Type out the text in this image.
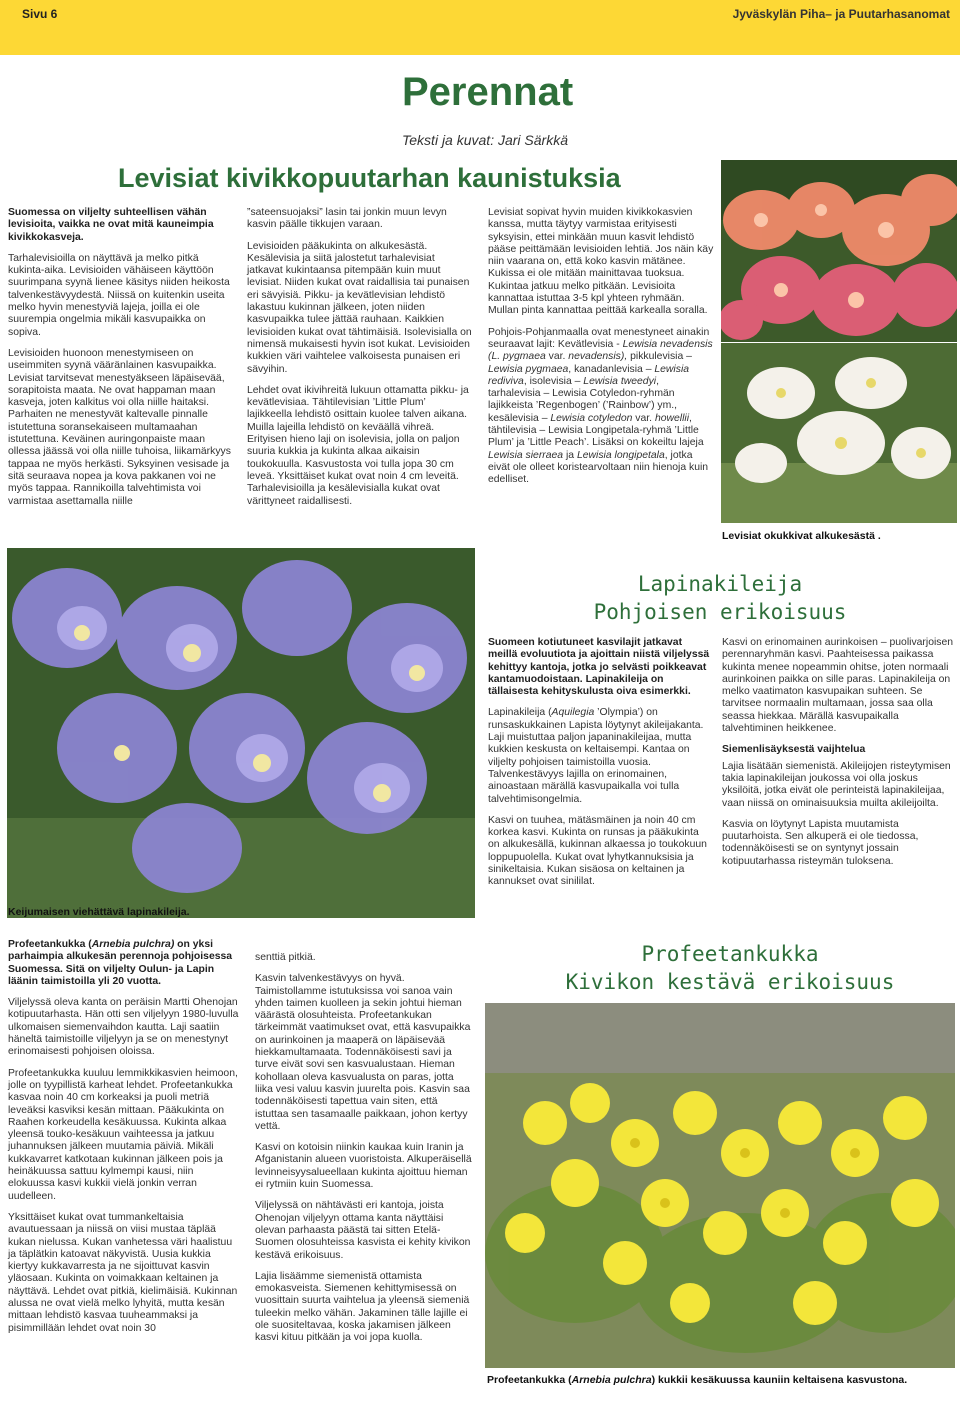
Sivu 6	Jyväskylän Piha– ja Puutarhasanomat
Perennat
Teksti ja kuvat: Jari Särkkä
Levisiat kivikkopuutarhan kaunistuksia

Suomessa on viljelty suhteellisen vähän levisioita, vaikka ne ovat mitä kauneimpia kivikkokasveja.

Tarhalevisioilla on näyttävä ja melko pitkä kukinta-aika. Levisioiden vähäiseen käyttöön suurimpana syynä lienee käsitys niiden heikosta talvenkestävyydestä. Niissä on kuitenkin useita melko hyvin menestyviä lajeja, joilla ei ole suurempia ongelmia mikäli kasvupaikka on sopiva.

Levisioiden huonoon menestymiseen on useimmiten syynä vääränlainen kasvupaikka. Levisiat tarvitsevat menestyäkseen läpäisevää, sorapitoista maata. Ne ovat happaman maan kasveja, joten kalkitus voi olla niille haitaksi. Parhaiten ne menestyvät kaltevalle pinnalle istutettuna soransekaiseen multamaahan istutettuna. Keväinen auringonpaiste maan ollessa jäässä voi olla niille tuhoisa, liikamärkyys tappaa ne myös herkästi. Syksyinen vesisade ja sitä seuraava nopea ja kova pakkanen voi ne myös tappaa. Rannikoilla talvehtimista voi varmistaa asettamalla niille

”sateensuojaksi” lasin tai jonkin muun levyn kasvin päälle tikkujen varaan.

Levisioiden pääkukinta on alkukesästä. Kesälevisia ja siitä jalostetut tarhalevisiat jatkavat kukintaansa pitempään kuin muut levisiat. Niiden kukat ovat raidallisia tai punaisen eri sävyisiä. Pikku- ja kevätlevisian lehdistö lakastuu kukinnan jälkeen, joten niiden kasvupaikka tulee jättää rauhaan. Kaikkien levisioiden kukat ovat tähtimäisiä. Isolevisialla on nimensä mukaisesti hyvin isot kukat. Levisioiden kukkien väri vaihtelee valkoisesta punaisen eri sävyihin.

Lehdet ovat ikivihreitä lukuun ottamatta pikku- ja kevätlevisiaa. Tähtilevisian ’Little Plum’ lajikkeella lehdistö osittain kuolee talven aikana. Muilla lajeilla lehdistö on keväällä vihreä. Erityisen hieno laji on isolevisia, jolla on paljon suuria kukkia ja kukinta alkaa aikaisin toukokuulla. Kasvustosta voi tulla jopa 30 cm leveä. Yksittäiset kukat ovat noin 4 cm leveitä. Tarhalevisioilla ja kesälevisialla kukat ovat värittyneet raidallisesti.

Levisiat sopivat hyvin muiden kivikkokasvien kanssa, mutta täytyy varmistaa erityisesti syksyisin, ettei minkään muun kasvit lehdistö pääse peittämään levisioiden lehtiä. Jos näin käy niin vaarana on, että koko kasvin mätänee. Kukissa ei ole mitään mainittavaa tuoksua. Kukintaa jatkuu melko pitkään. Levisioita kannattaa istuttaa 3-5 kpl yhteen ryhmään. Mullan pinta kannattaa peittää karkealla soralla.

Pohjois-Pohjanmaalla ovat menestyneet ainakin seuraavat lajit: Kevätlevisia - Lewisia nevadensis (L. pygmaea var. nevadensis), pikkulevisia – Lewisia pygmaea, kanadanlevisia – Lewisia rediviva, isolevisia – Lewisia tweedyi, tarhalevisia – Lewisia Cotyledon-ryhmän lajikkeista ’Regenbogen’ (’Rainbow’) ym., kesälevisia – Lewisia cotyledon var. howellii, tähtilevisia – Lewisia Longipetala-ryhmä ’Little Plum’ ja ’Little Peach’. Lisäksi on kokeiltu lajeja Lewisia sierraea ja Lewisia longipetala, jotka eivät ole olleet koristearvoltaan niin hienoja kuin edelliset.

Levisiat okukkivat alkukesästä .
Keijumaisen viehättävä lapinakileija.
Lapinakileija
Pohjoisen erikoisuus

Suomeen kotiutuneet kasvilajit jatkavat meillä evoluutiota ja ajoittain niistä viljelyssä kehittyy kantoja, jotka jo selvästi poikkeavat kantamuodoistaan. Lapinakileija on tällaisesta kehityskulusta oiva esimerkki.

Lapinakileija (Aquilegia ’Olympia’) on runsaskukkainen Lapista löytynyt akileijakanta. Laji muistuttaa paljon japaninakileijaa, mutta kukkien keskusta on keltaisempi. Kantaa on viljelty pohjoisen taimistoilla vuosia. Talvenkestävyys lajilla on erinomainen, ainoastaan märällä kasvupaikalla voi tulla talvehtimisongelmia.

Kasvi on tuuhea, mätäsmäinen ja noin 40 cm korkea kasvi. Kukinta on runsas ja pääkukinta on alkukesällä, kukinnan alkaessa jo toukokuun loppupuolella. Kukat ovat lyhytkannuksisia ja sinikeltaisia. Kukan sisäosa on keltainen ja kannukset ovat sinililat.

Kasvi on erinomainen aurinkoisen – puolivarjoisen perennaryhmän kasvi. Paahteisessa paikassa kukinta menee nopeammin ohitse, joten normaali aurinkoinen paikka on sille paras. Lapinakileija on melko vaatimaton kasvupaikan suhteen. Se tarvitsee normaalin multamaan, jossa saa olla seassa hiekkaa. Märällä kasvupaikalla talvehtiminen heikkenee.

Siemenlisäyksestä vaijhtelua

Lajia lisätään siemenistä. Akileijojen risteytymisen takia lapinakileijan joukossa voi olla joskus yksilöitä, jotka eivät ole perinteistä lapinakileijaa, vaan niissä on ominaisuuksia muilta akileijoilta.

Kasvia on löytynyt Lapista muutamista puutarhoista. Sen alkuperä ei ole tiedossa, todennäköisesti se on syntynyt jossain kotipuutarhassa risteymän tuloksena.

Profeetankukka (Arnebia pulchra) on yksi parhaimpia alkukesän perennoja pohjoisessa Suomessa. Sitä on viljelty Oulun- ja Lapin läänin taimistoilla yli 20 vuotta.

Viljelyssä oleva kanta on peräisin Martti Ohenojan kotipuutarhasta. Hän otti sen viljelyyn 1980-luvulla ulkomaisen siemenvaihdon kautta. Laji saatiin häneltä taimistoille viljelyyn ja se on menestynyt erinomaisesti pohjoisen oloissa.

Profeetankukka kuuluu lemmikkikasvien heimoon, jolle on tyypillistä karheat lehdet. Profeetankukka kasvaa noin 40 cm korkeaksi ja puoli metriä leveäksi kasviksi kesän mittaan. Pääkukinta on Raahen korkeudella kesäkuussa. Kukinta alkaa yleensä touko-kesäkuun vaihteessa ja jatkuu juhannuksen jälkeen muutamia päiviä. Mikäli kukkavarret katkotaan kukinnan jälkeen pois ja heinäkuussa sattuu kylmempi kausi, niin elokuussa kasvi kukkii vielä jonkin verran uudelleen.

Yksittäiset kukat ovat tummankeltaisia avautuessaan ja niissä on viisi mustaa täplää kukan nielussa. Kukan vanhetessa väri haalistuu ja täplätkin katoavat näkyvistä. Uusia kukkia kiertyy kukkavarresta ja ne sijoittuvat kasvin yläosaan. Kukinta on voimakkaan keltainen ja näyttävä. Lehdet ovat pitkiä, kielimäisiä. Kukinnan alussa ne ovat vielä melko lyhyitä, mutta kesän mittaan lehdistö kasvaa tuuheammaksi ja pisimmillään lehdet ovat noin 30

senttiä pitkiä.

Kasvin talvenkestävyys on hyvä. Taimistollamme istutuksissa voi sanoa vain yhden taimen kuolleen ja sekin johtui hieman väärästä olosuhteista. Profeetankukan tärkeimmät vaatimukset ovat, että kasvupaikka on aurinkoinen ja maaperä on läpäisevää hiekkamultamaata. Todennäköisesti savi ja turve eivät sovi sen kasvualustaan. Hieman kohollaan oleva kasvualusta on paras, jotta liika vesi valuu kasvin juurelta pois. Kasvin saa todennäköisesti tapettua vain siten, että istuttaa sen tasamaalle paikkaan, johon kertyy vettä.

Kasvi on kotoisin niinkin kaukaa kuin Iranin ja Afganistanin alueen vuoristoista. Alkuperäisellä levinneisyysalueellaan kukinta ajoittuu hieman ei rytmiin kuin Suomessa.

Viljelyssä on nähtävästi eri kantoja, joista Ohenojan viljelyyn ottama kanta näyttäisi olevan parhaasta päästä tai sitten Etelä-Suomen olosuhteissa kasvista ei kehity kivikon kestävä erikoisuus.

Lajia lisäämme siemenistä ottamista emokasveista. Siemenen kehittymisessä on vuosittain suurta vaihtelua ja yleensä siemeniä tuleekin melko vähän. Jakaminen tälle lajille ei ole suositeltavaa, koska jakamisen jälkeen kasvi kituu pitkään ja voi jopa kuolla.

Profeetankukka
Kivikon kestävä erikoisuus
Profeetankukka (Arnebia pulchra) kukkii kesäkuussa kauniin keltaisena kasvustona.
